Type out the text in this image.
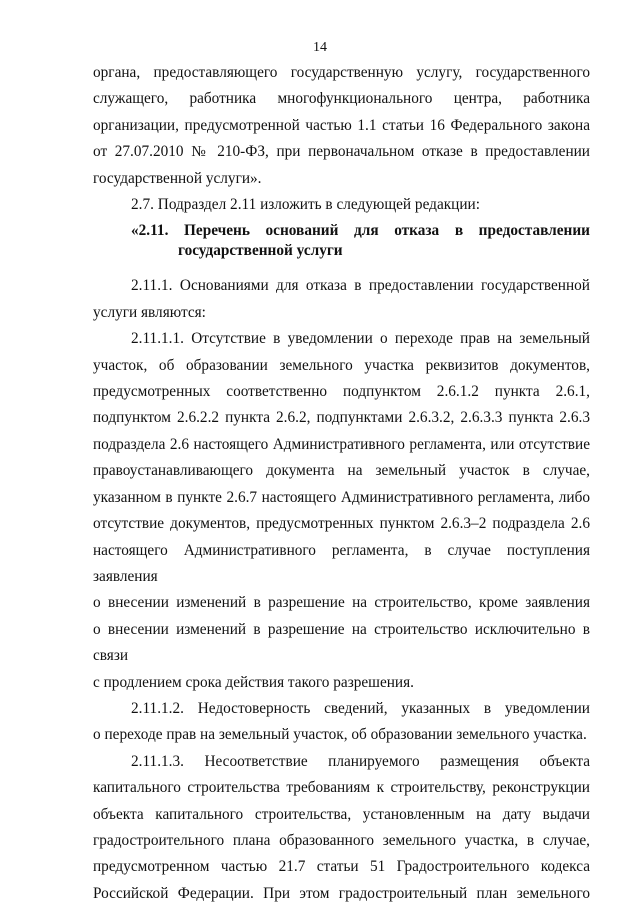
14
органа, предоставляющего государственную услугу, государственного
служащего, работника многофункционального центра, работника
организации, предусмотренной частью 1.1 статьи 16 Федерального закона
от 27.07.2010 № 210-ФЗ, при первоначальном отказе в предоставлении
государственной услуги».
2.7. Подраздел 2.11 изложить в следующей редакции:
«2.11. Перечень оснований для отказа в предоставлении
государственной услуги
2.11.1. Основаниями для отказа в предоставлении государственной
услуги являются:
2.11.1.1. Отсутствие в уведомлении о переходе прав на земельный
участок, об образовании земельного участка реквизитов документов,
предусмотренных соответственно подпунктом 2.6.1.2 пункта 2.6.1,
подпунктом 2.6.2.2 пункта 2.6.2, подпунктами 2.6.3.2, 2.6.3.3 пункта 2.6.3
подраздела 2.6 настоящего Административного регламента, или отсутствие
правоустанавливающего документа на земельный участок в случае,
указанном в пункте 2.6.7 настоящего Административного регламента, либо
отсутствие документов, предусмотренных пунктом 2.6.3–2 подраздела 2.6
настоящего Административного регламента, в случае поступления заявления
о внесении изменений в разрешение на строительство, кроме заявления
о внесении изменений в разрешение на строительство исключительно в связи
с продлением срока действия такого разрешения.
2.11.1.2. Недостоверность сведений, указанных в уведомлении
о переходе прав на земельный участок, об образовании земельного участка.
2.11.1.3. Несоответствие планируемого размещения объекта
капитального строительства требованиям к строительству, реконструкции
объекта капитального строительства, установленным на дату выдачи
градостроительного плана образованного земельного участка, в случае,
предусмотренном частью 21.7 статьи 51 Градостроительного кодекса
Российской Федерации. При этом градостроительный план земельного
